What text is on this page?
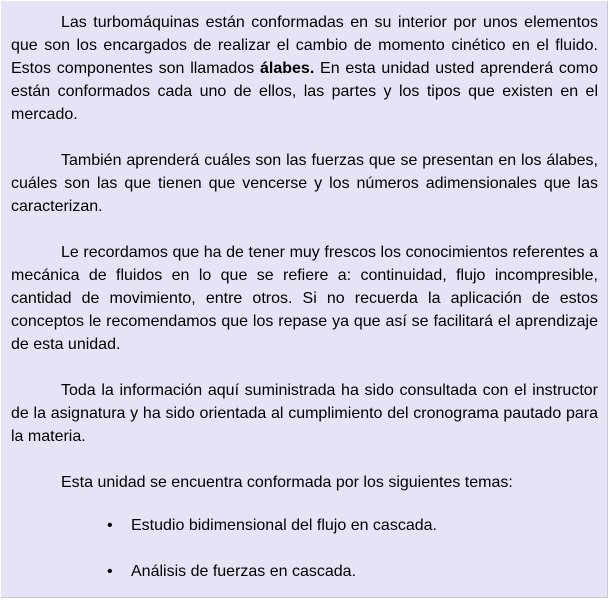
Las turbomáquinas están conformadas en su interior por unos elementos que son los encargados de realizar el cambio de momento cinético en el fluido. Estos componentes son llamados álabes. En esta unidad usted aprenderá como están conformados cada uno de ellos, las partes y los tipos que existen en el mercado.

También aprenderá cuáles son las fuerzas que se presentan en los álabes, cuáles son las que tienen que vencerse y los números adimensionales que las caracterizan.

Le recordamos que ha de tener muy frescos los conocimientos referentes a mecánica de fluidos en lo que se refiere a: continuidad, flujo incompresible, cantidad de movimiento, entre otros. Si no recuerda la aplicación de estos conceptos le recomendamos que los repase ya que así se facilitará el aprendizaje de esta unidad.

Toda la información aquí suministrada ha sido consultada con el instructor de la asignatura y ha sido orientada al cumplimiento del cronograma pautado para la materia.

Esta unidad se encuentra conformada por los siguientes temas:

• Estudio bidimensional del flujo en cascada.
• Análisis de fuerzas en cascada.
